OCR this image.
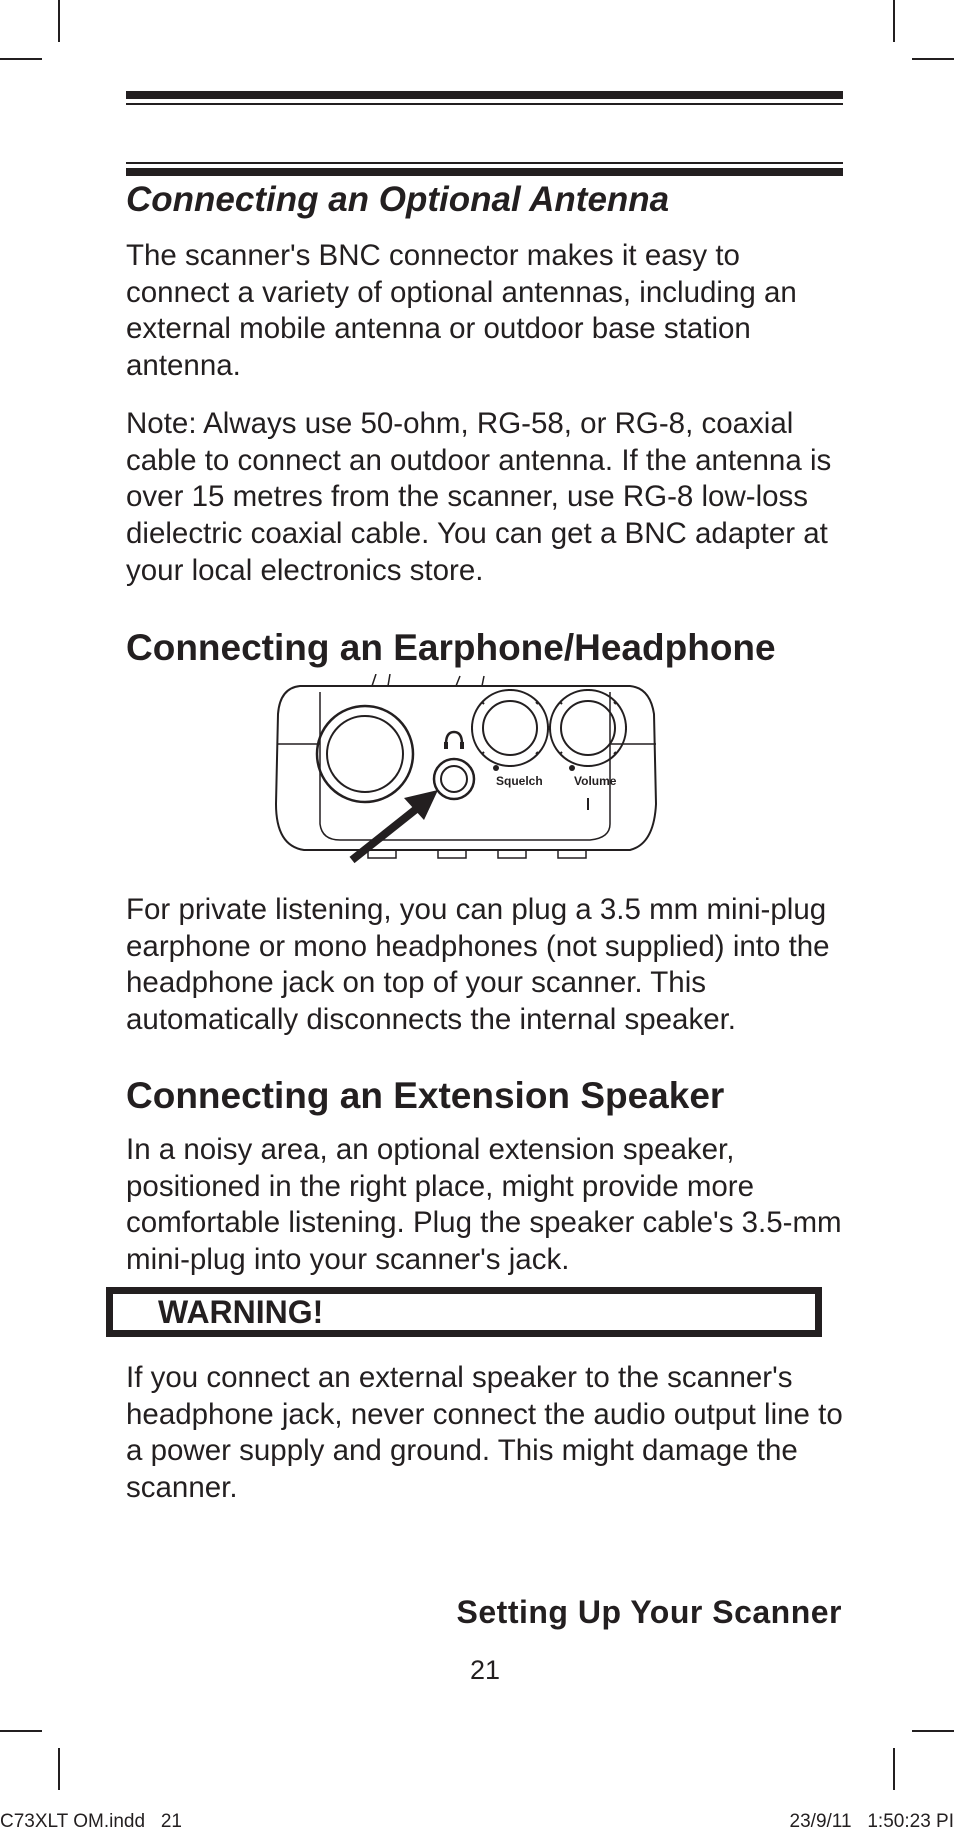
Connecting an Optional Antenna

The scanner's BNC connector makes it easy to connect a variety of optional antennas, including an external mobile antenna or outdoor base station antenna.

Note: Always use 50-ohm, RG-58, or RG-8, coaxial cable to connect an outdoor antenna. If the antenna is over 15 metres from the scanner, use RG-8 low-loss dielectric coaxial cable. You can get a BNC adapter at your local electronics store.

Connecting an Earphone/Headphone
Squelch	Volume

For private listening, you can plug a 3.5 mm mini-plug earphone or mono headphones (not supplied) into the headphone jack on top of your scanner. This automatically disconnects the internal speaker.

Connecting an Extension Speaker

In a noisy area, an optional extension speaker, positioned in the right place, might provide more comfortable listening. Plug the speaker cable's 3.5-mm mini-plug into your scanner's jack.

WARNING!

If you connect an external speaker to the scanner's headphone jack, never connect the audio output line to a power supply and ground. This might damage the scanner.

Setting Up Your Scanner
21
C73XLT OM.indd   21	23/9/11   1:50:23 PI
